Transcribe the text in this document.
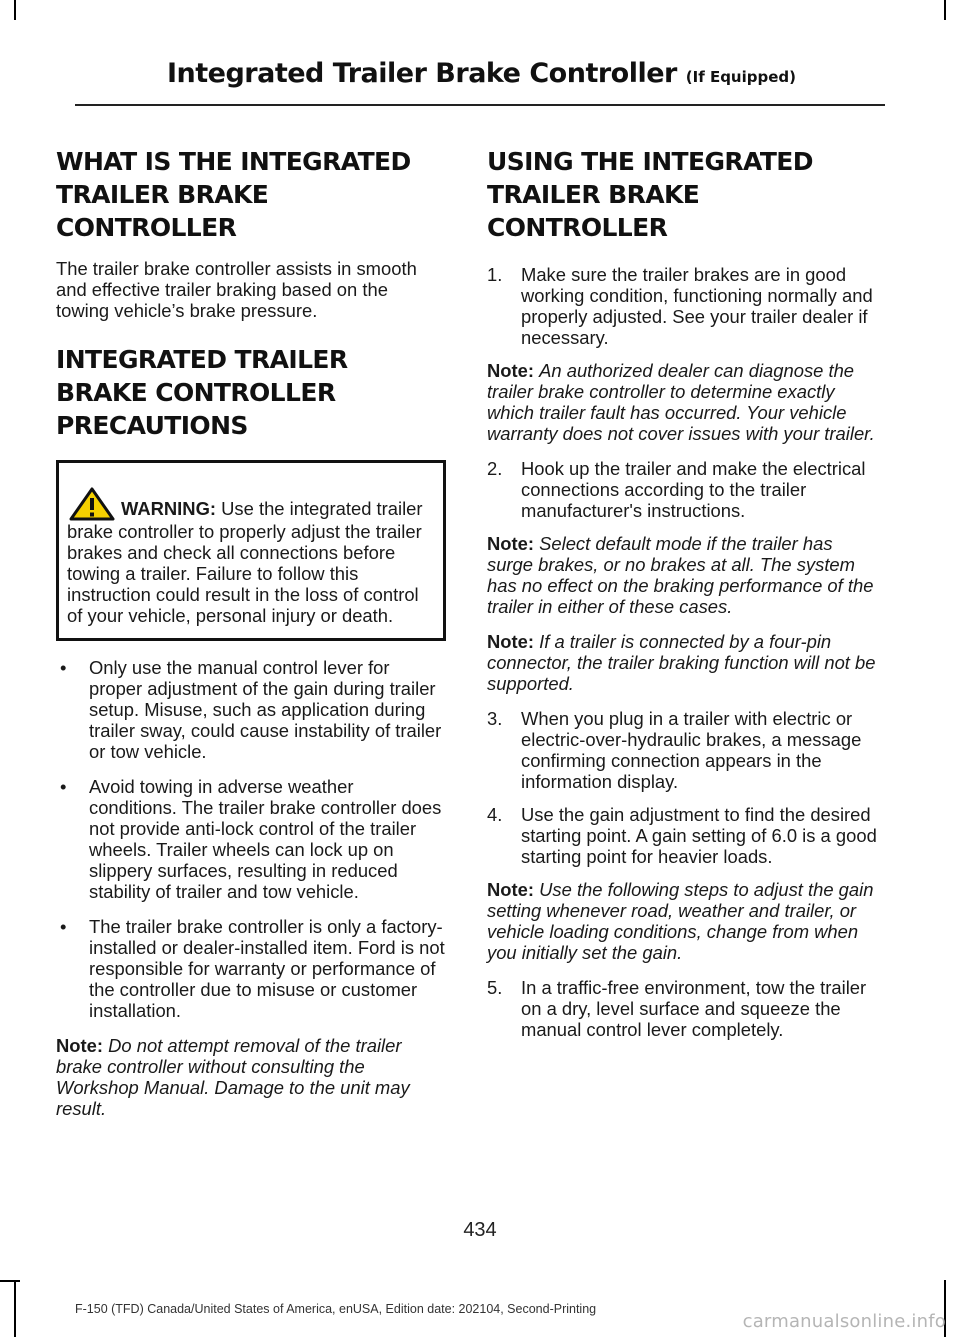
Integrated Trailer Brake Controller (If Equipped)
WHAT IS THE INTEGRATED TRAILER BRAKE CONTROLLER

The trailer brake controller assists in smooth and effective trailer braking based on the towing vehicle’s brake pressure.

INTEGRATED TRAILER BRAKE CONTROLLER PRECAUTIONS
WARNING: Use the integrated trailer brake controller to properly adjust the trailer brakes and check all connections before towing a trailer. Failure to follow this instruction could result in the loss of control of your vehicle, personal injury or death.
• Only use the manual control lever for proper adjustment of the gain during trailer setup. Misuse, such as application during trailer sway, could cause instability of trailer or tow vehicle.
• Avoid towing in adverse weather conditions. The trailer brake controller does not provide anti-lock control of the trailer wheels. Trailer wheels can lock up on slippery surfaces, resulting in reduced stability of trailer and tow vehicle.
• The trailer brake controller is only a factory-installed or dealer-installed item. Ford is not responsible for warranty or performance of the controller due to misuse or customer installation.

Note: Do not attempt removal of the trailer brake controller without consulting the Workshop Manual. Damage to the unit may result.

USING THE INTEGRATED TRAILER BRAKE CONTROLLER
1. Make sure the trailer brakes are in good working condition, functioning normally and properly adjusted. See your trailer dealer if necessary.

Note: An authorized dealer can diagnose the trailer brake controller to determine exactly which trailer fault has occurred. Your vehicle warranty does not cover issues with your trailer.

2. Hook up the trailer and make the electrical connections according to the trailer manufacturer's instructions.

Note: Select default mode if the trailer has surge brakes, or no brakes at all. The system has no effect on the braking performance of the trailer in either of these cases.

Note: If a trailer is connected by a four-pin connector, the trailer braking function will not be supported.

3. When you plug in a trailer with electric or electric-over-hydraulic brakes, a message confirming connection appears in the information display.
4. Use the gain adjustment to find the desired starting point. A gain setting of 6.0 is a good starting point for heavier loads.

Note: Use the following steps to adjust the gain setting whenever road, weather and trailer, or vehicle loading conditions, change from when you initially set the gain.

5. In a traffic-free environment, tow the trailer on a dry, level surface and squeeze the manual control lever completely.
434
F-150 (TFD) Canada/United States of America, enUSA, Edition date: 202104, Second-Printing
carmanualsonline.info
